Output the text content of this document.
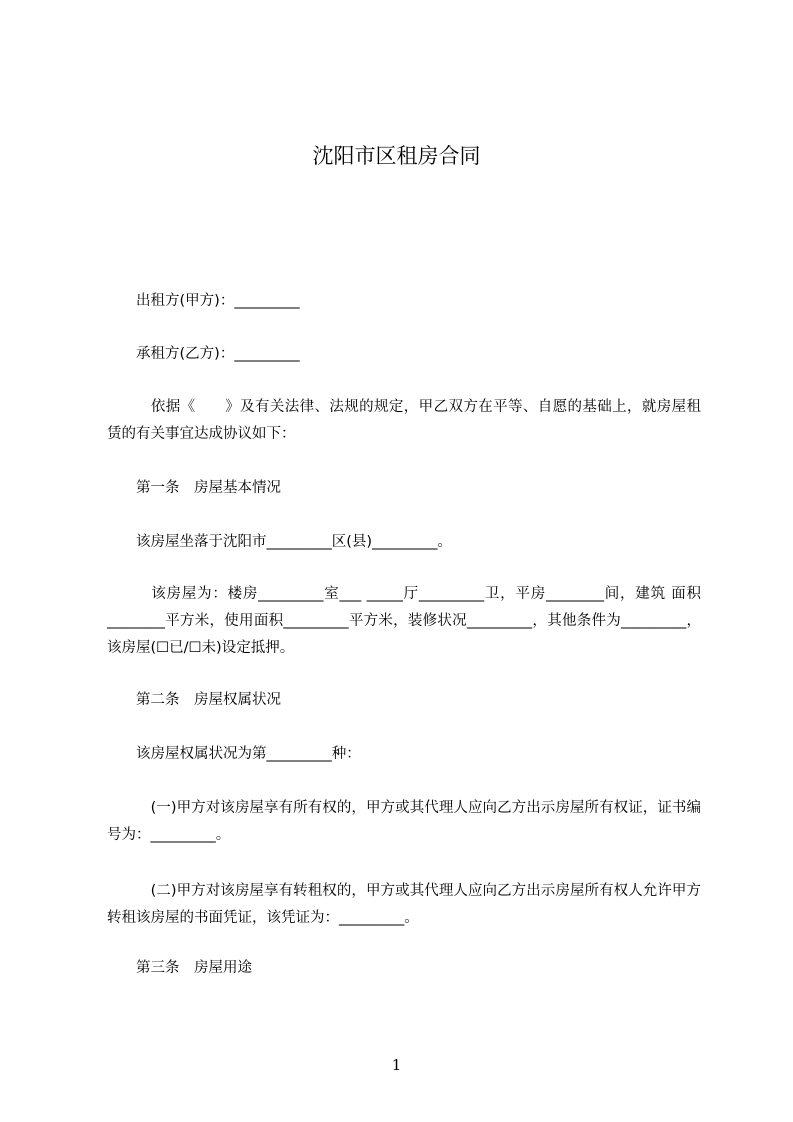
沈阳市区租房合同
出租方(甲方)：_________
承租方(乙方)：_________
　依据《　　》及有关法律、法规的规定，甲乙双方在平等、自愿的基础上，就房屋租赁的有关事宜达成协议如下：
第一条　房屋基本情况
该房屋坐落于沈阳市_________区(县)_________。
　该房屋为：楼房_________室___ _____厅_________卫，平房________间，建筑 面积________平方米，使用面积_________平方米，装修状况_________，其他条件为_________，该房屋(☐已/☐未)设定抵押。
第二条　房屋权属状况
该房屋权属状况为第_________种：
　(一)甲方对该房屋享有所有权的，甲方或其代理人应向乙方出示房屋所有权证，证书编号为：_________。
　(二)甲方对该房屋享有转租权的，甲方或其代理人应向乙方出示房屋所有权人允许甲方转租该房屋的书面凭证，该凭证为：_________。
第三条　房屋用途
1
